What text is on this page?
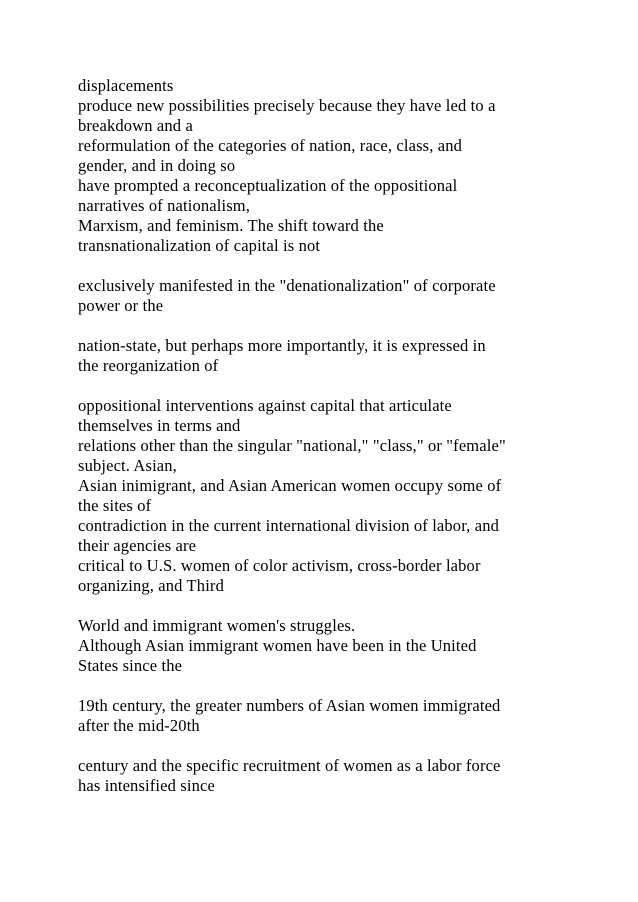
displacements
produce new possibilities precisely because they have led to a
breakdown and a
reformulation of the categories of nation, race, class, and
gender, and in doing so
have prompted a reconceptualization of the oppositional
narratives of nationalism,
Marxism, and feminism. The shift toward the
transnationalization of capital is not
exclusively manifested in the "denationalization" of corporate
power or the
nation-state, but perhaps more importantly, it is expressed in
the reorganization of
oppositional interventions against capital that articulate
themselves in terms and
relations other than the singular "national," "class," or "female"
subject. Asian,
Asian inimigrant, and Asian American women occupy some of
the sites of
contradiction in the current international division of labor, and
their agencies are
critical to U.S. women of color activism, cross-border labor
organizing, and Third
World and immigrant women's struggles.
Although Asian immigrant women have been in the United
States since the
19th century, the greater numbers of Asian women immigrated
after the mid-20th
century and the specific recruitment of women as a labor force
has intensified since
